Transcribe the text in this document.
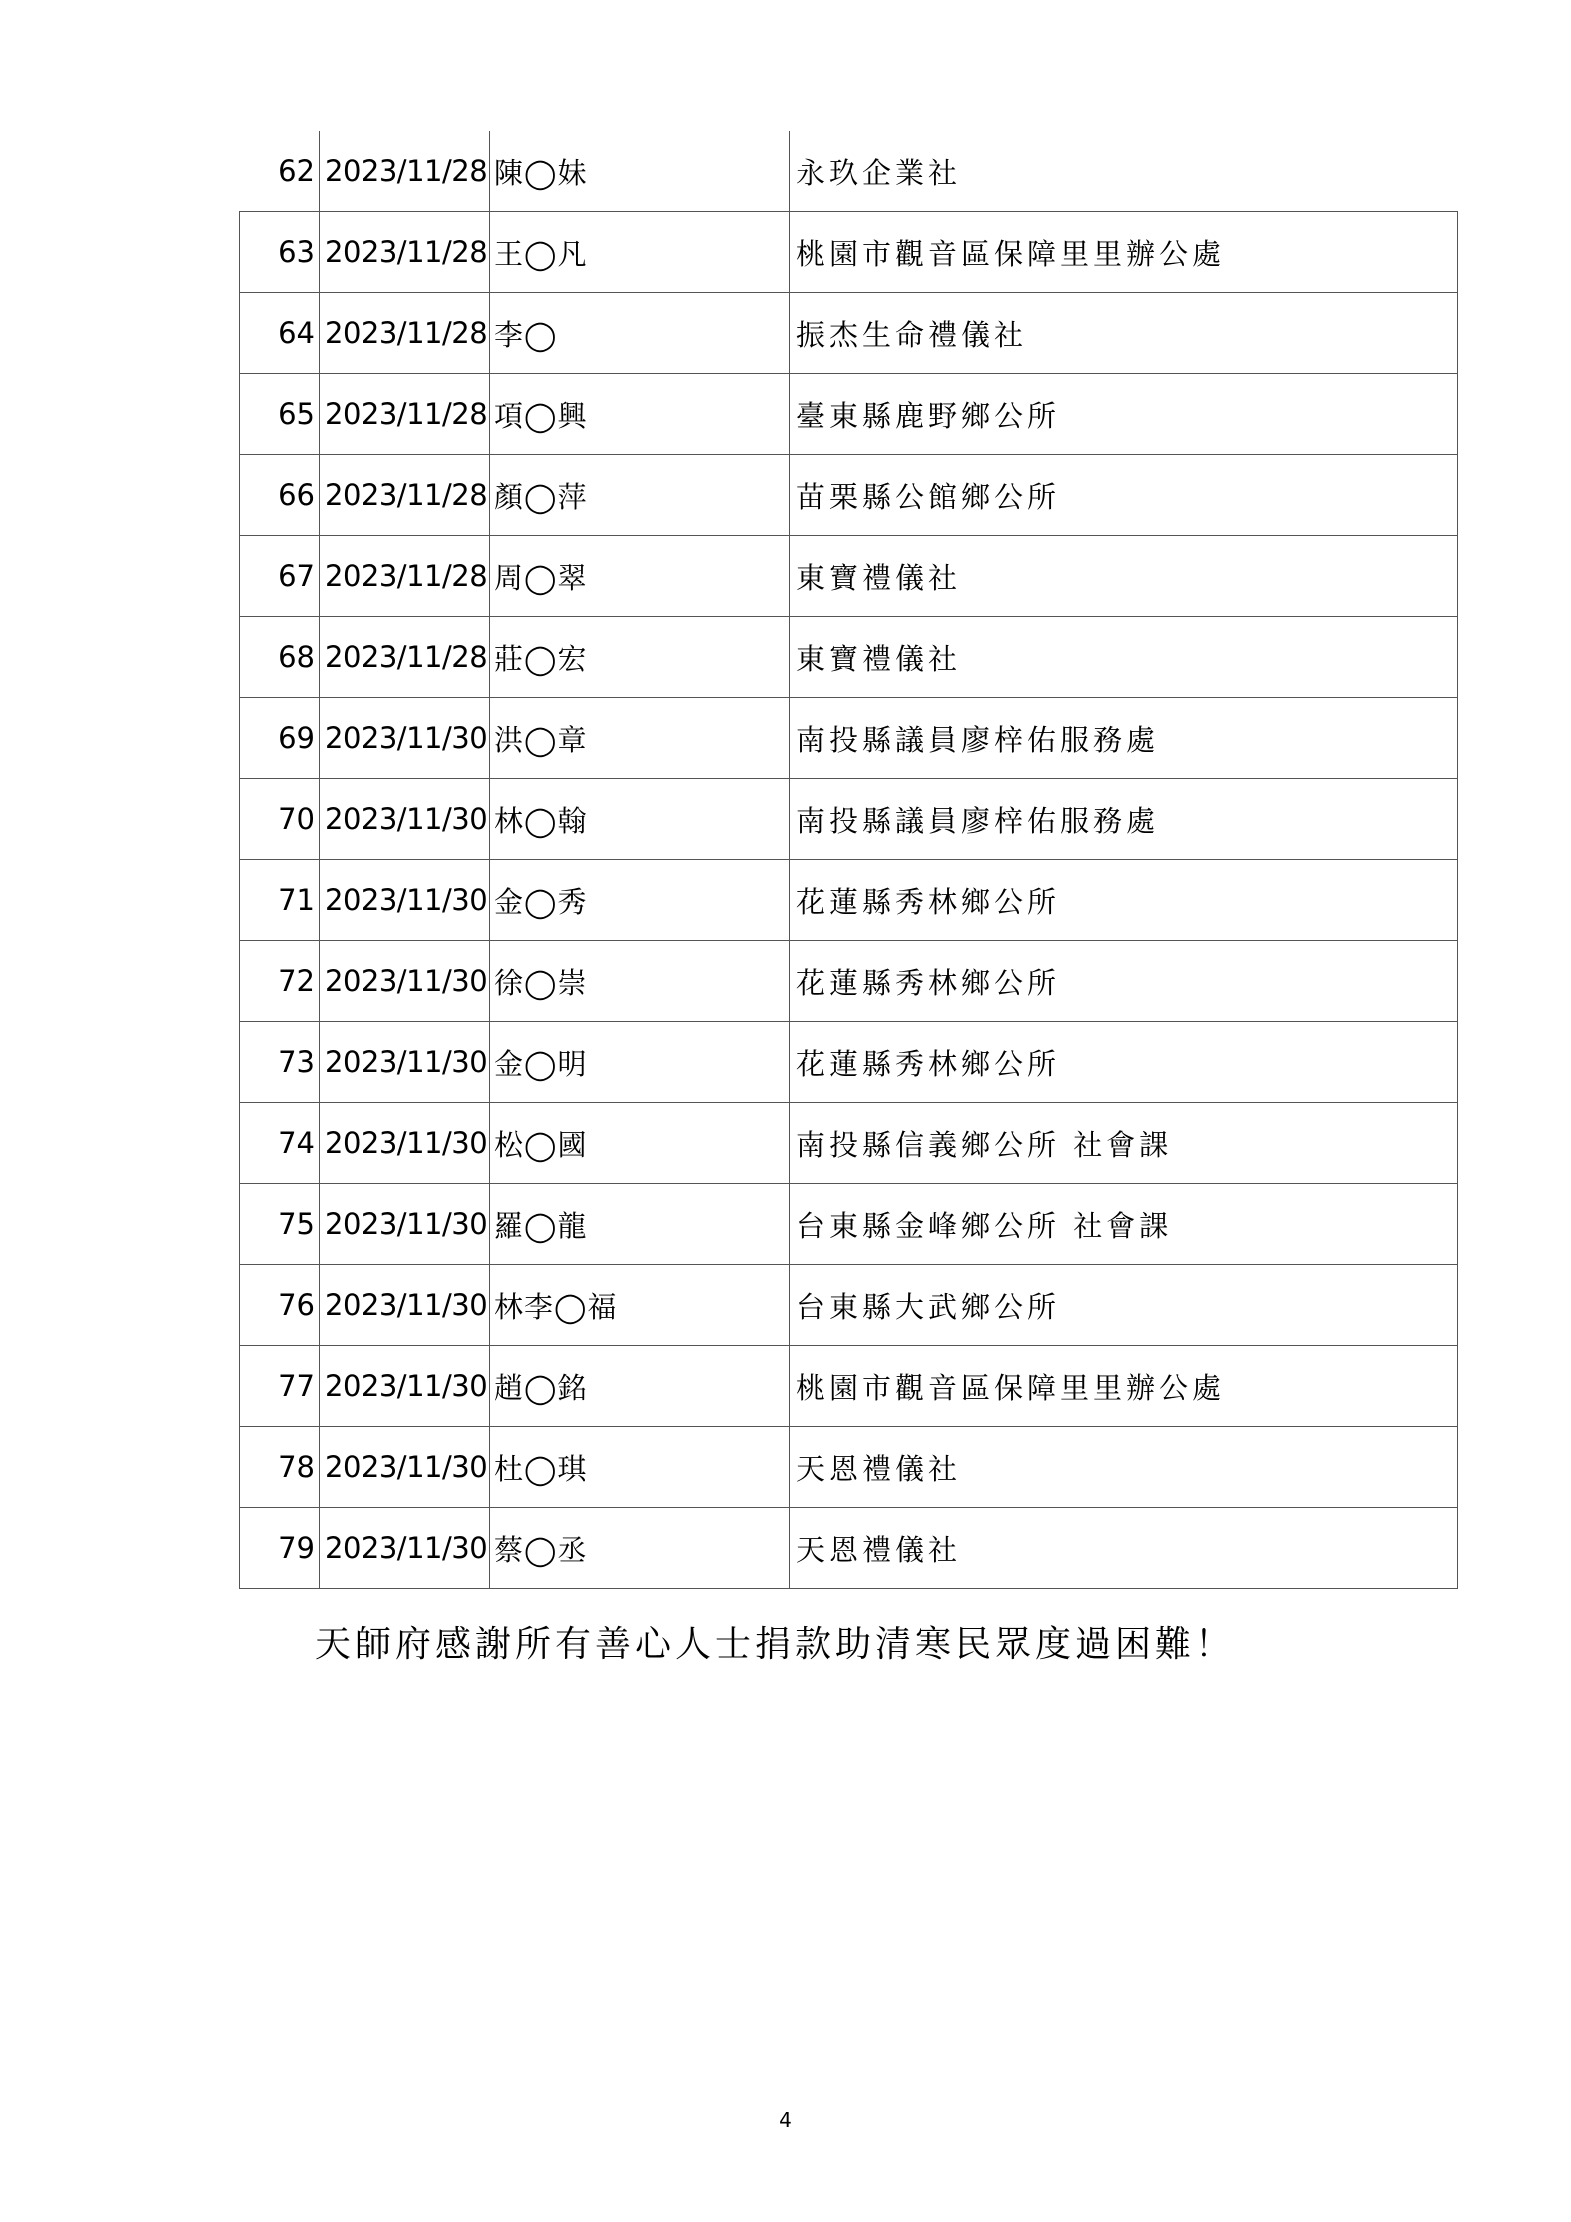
62	2023/11/28	陳◯妹	永玖企業社
63	2023/11/28	王◯凡	桃園市觀音區保障里里辦公處
64	2023/11/28	李◯	振杰生命禮儀社
65	2023/11/28	項◯興	臺東縣鹿野鄉公所
66	2023/11/28	顏◯萍	苗栗縣公館鄉公所
67	2023/11/28	周◯翠	東寶禮儀社
68	2023/11/28	莊◯宏	東寶禮儀社
69	2023/11/30	洪◯章	南投縣議員廖梓佑服務處
70	2023/11/30	林◯翰	南投縣議員廖梓佑服務處
71	2023/11/30	金◯秀	花蓮縣秀林鄉公所
72	2023/11/30	徐◯崇	花蓮縣秀林鄉公所
73	2023/11/30	金◯明	花蓮縣秀林鄉公所
74	2023/11/30	松◯國	南投縣信義鄉公所 社會課
75	2023/11/30	羅◯龍	台東縣金峰鄉公所 社會課
76	2023/11/30	林李◯福	台東縣大武鄉公所
77	2023/11/30	趙◯銘	桃園市觀音區保障里里辦公處
78	2023/11/30	杜◯琪	天恩禮儀社
79	2023/11/30	蔡◯丞	天恩禮儀社
天師府感謝所有善心人士捐款助清寒民眾度過困難！
4
